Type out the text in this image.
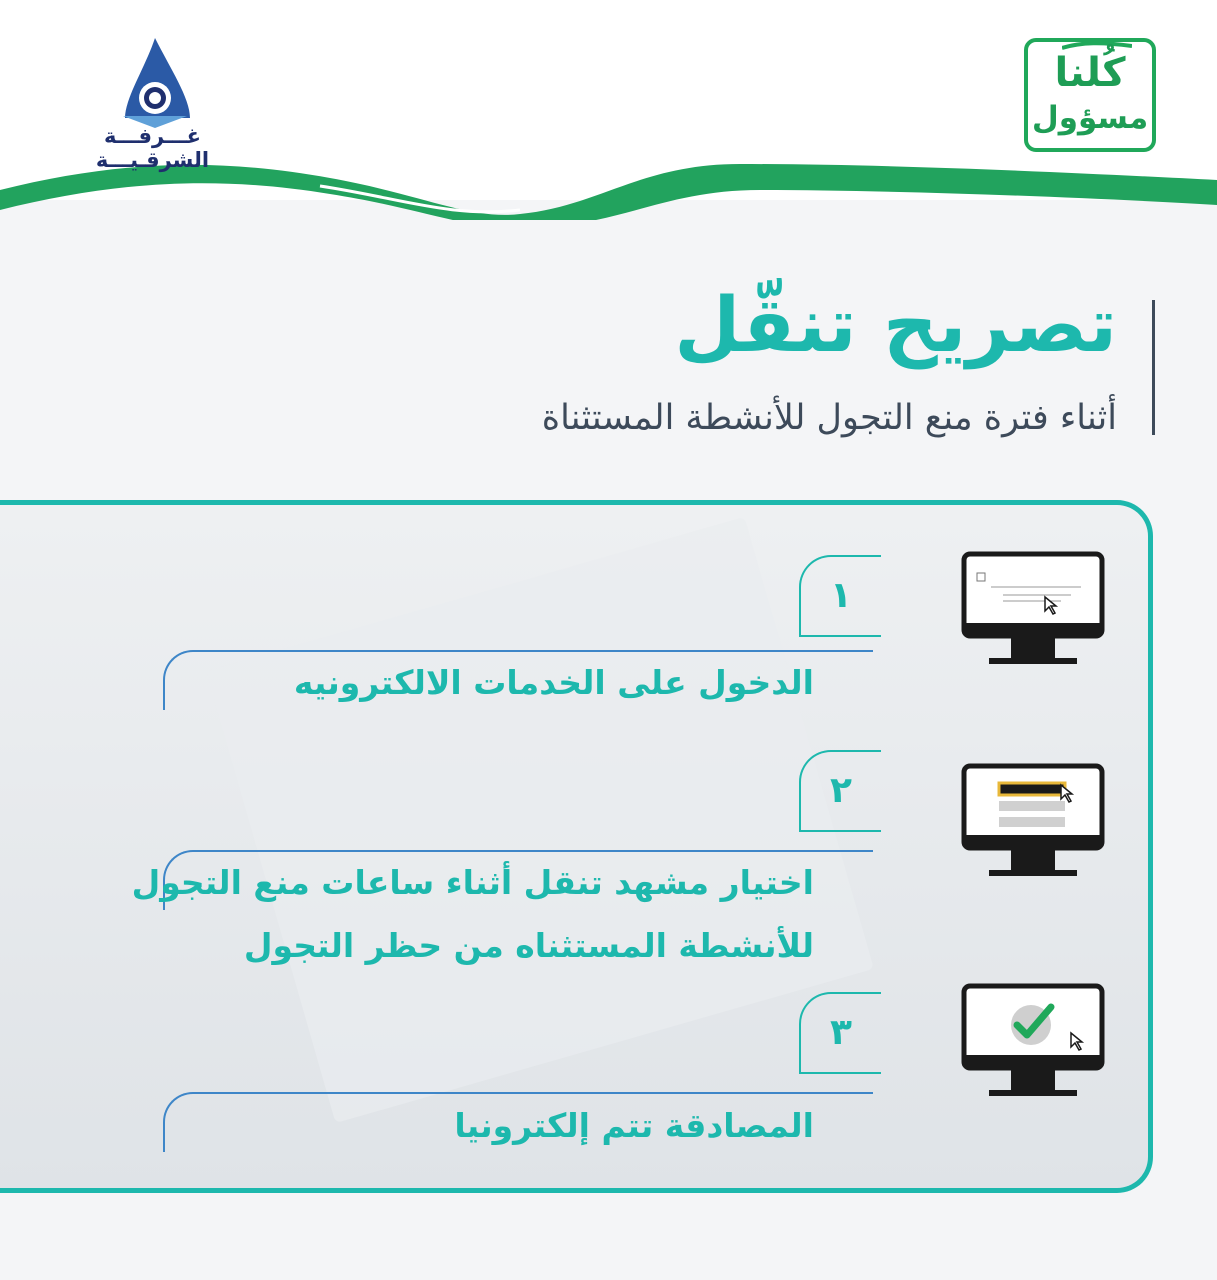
غـــرفـــة الشرقـيـــة
كُلنا
مسؤول
تصريح تنقّل
أثناء فترة منع التجول للأنشطة المستثناة
١
الدخول على الخدمات الالكترونيه
٢
اختيار مشهد تنقل أثناء ساعات منع التجول
للأنشطة المستثناه من حظر التجول
٣
المصادقة تتم إلكترونيا
